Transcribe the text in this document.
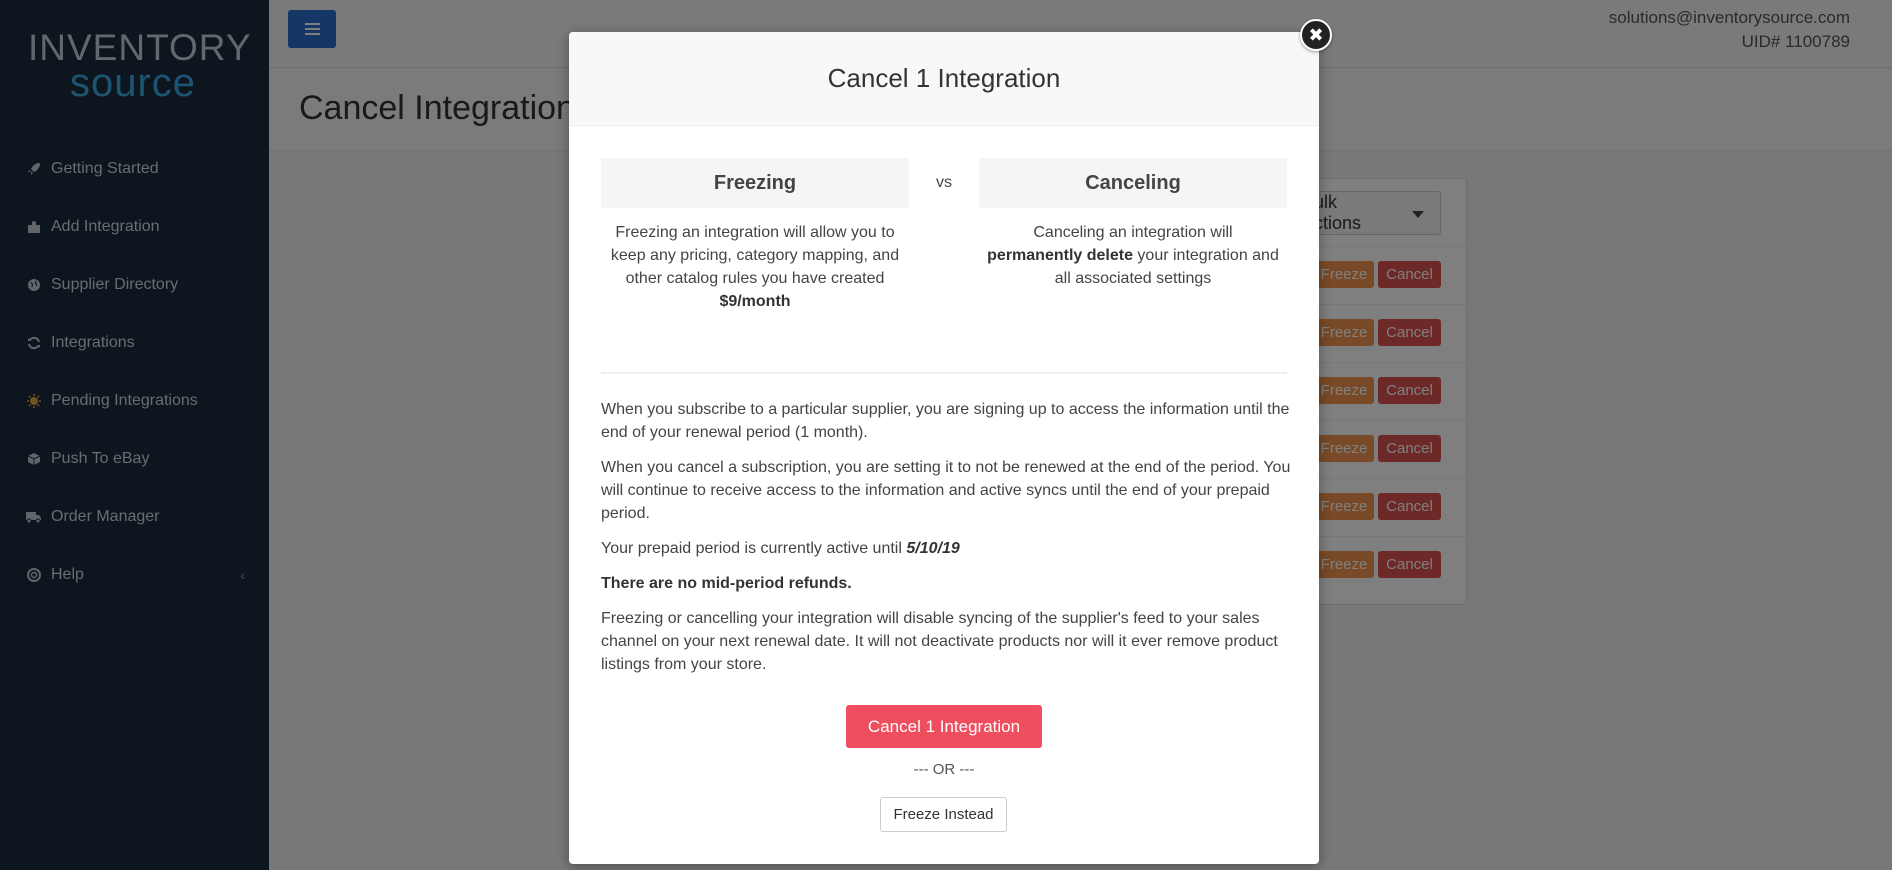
Cancel 1 Integration
Freezing
Freezing an integration will allow you to keep any pricing, category mapping, and other catalog rules you have created
$9/month
vs	Canceling
Canceling an integration will permanently delete your integration and all associated settings

When you subscribe to a particular supplier, you are signing up to access the information until the end of your renewal period (1 month).

When you cancel a subscription, you are setting it to not be renewed at the end of the period. You will continue to receive access to the information and active syncs until the end of your prepaid period.

Your prepaid period is currently active until 5/10/19

There are no mid-period refunds.

Freezing or cancelling your integration will disable syncing of the supplier's feed to your sales channel on your next renewal date. It will not deactivate products nor will it ever remove product listings from your store.

Cancel 1 Integration
--- OR ---
Freeze Instead
✖
